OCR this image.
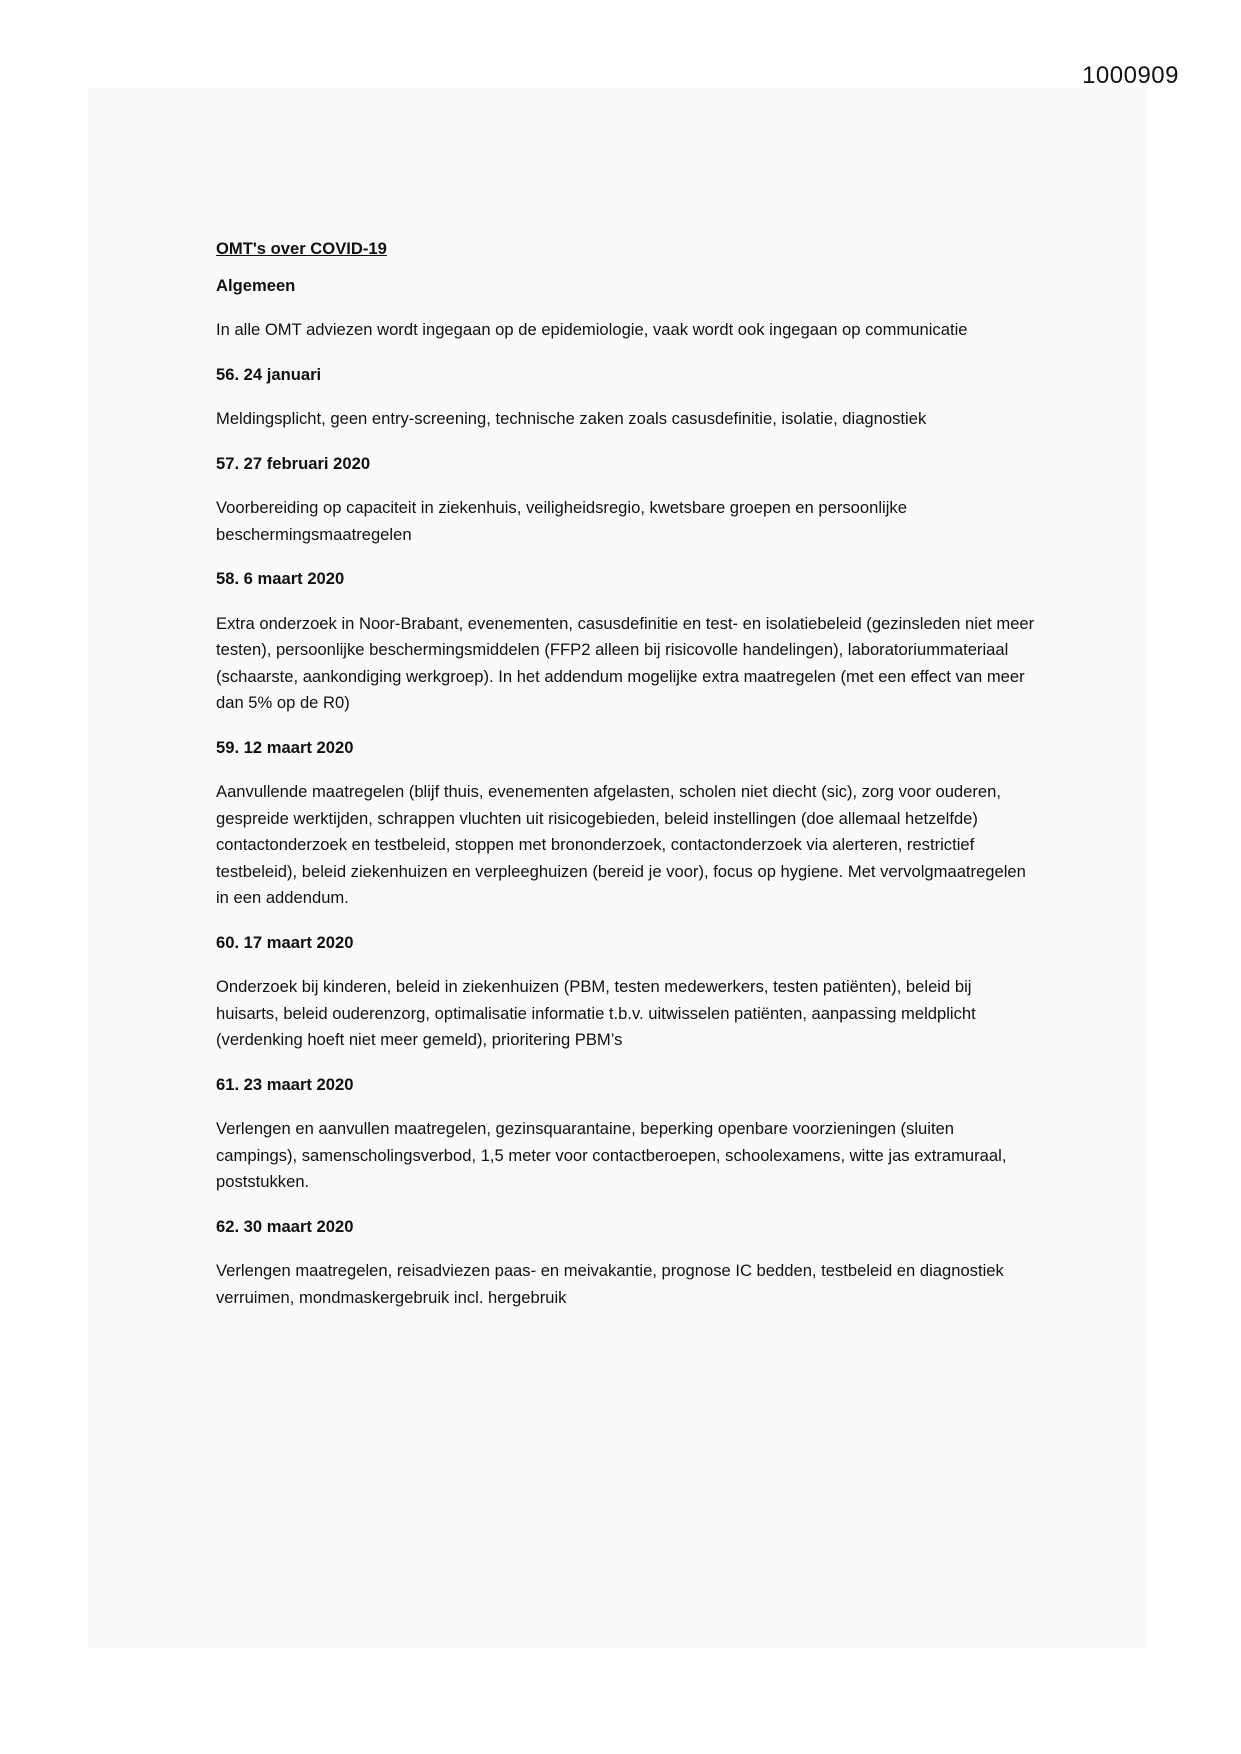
1000909

OMT's over COVID-19

Algemeen

In alle OMT adviezen wordt ingegaan op de epidemiologie, vaak wordt ook ingegaan op communicatie

56. 24 januari

Meldingsplicht, geen entry-screening, technische zaken zoals casusdefinitie, isolatie, diagnostiek

57. 27 februari 2020

Voorbereiding op capaciteit in ziekenhuis, veiligheidsregio, kwetsbare groepen en persoonlijke beschermingsmaatregelen

58. 6 maart 2020

Extra onderzoek in Noor-Brabant, evenementen, casusdefinitie en test- en isolatiebeleid (gezinsleden niet meer testen), persoonlijke beschermingsmiddelen (FFP2 alleen bij risicovolle handelingen), laboratoriummateriaal (schaarste, aankondiging werkgroep). In het addendum mogelijke extra maatregelen (met een effect van meer dan 5% op de R0)

59. 12 maart 2020

Aanvullende maatregelen (blijf thuis, evenementen afgelasten, scholen niet diecht (sic), zorg voor ouderen, gespreide werktijden, schrappen vluchten uit risicogebieden, beleid instellingen (doe allemaal hetzelfde) contactonderzoek en testbeleid, stoppen met brononderzoek, contactonderzoek via alerteren, restrictief testbeleid), beleid ziekenhuizen en verpleeghuizen (bereid je voor), focus op hygiene. Met vervolgmaatregelen in een addendum.

60. 17 maart 2020

Onderzoek bij kinderen, beleid in ziekenhuizen (PBM, testen medewerkers, testen patiënten), beleid bij huisarts, beleid ouderenzorg, optimalisatie informatie t.b.v. uitwisselen patiënten, aanpassing meldplicht (verdenking hoeft niet meer gemeld), prioritering PBM’s

61. 23 maart 2020

Verlengen en aanvullen maatregelen, gezinsquarantaine, beperking openbare voorzieningen (sluiten campings), samenscholingsverbod, 1,5 meter voor contactberoepen, schoolexamens, witte jas extramuraal, poststukken.

62. 30 maart 2020

Verlengen maatregelen, reisadviezen paas- en meivakantie, prognose IC bedden, testbeleid en diagnostiek verruimen, mondmaskergebruik incl. hergebruik
